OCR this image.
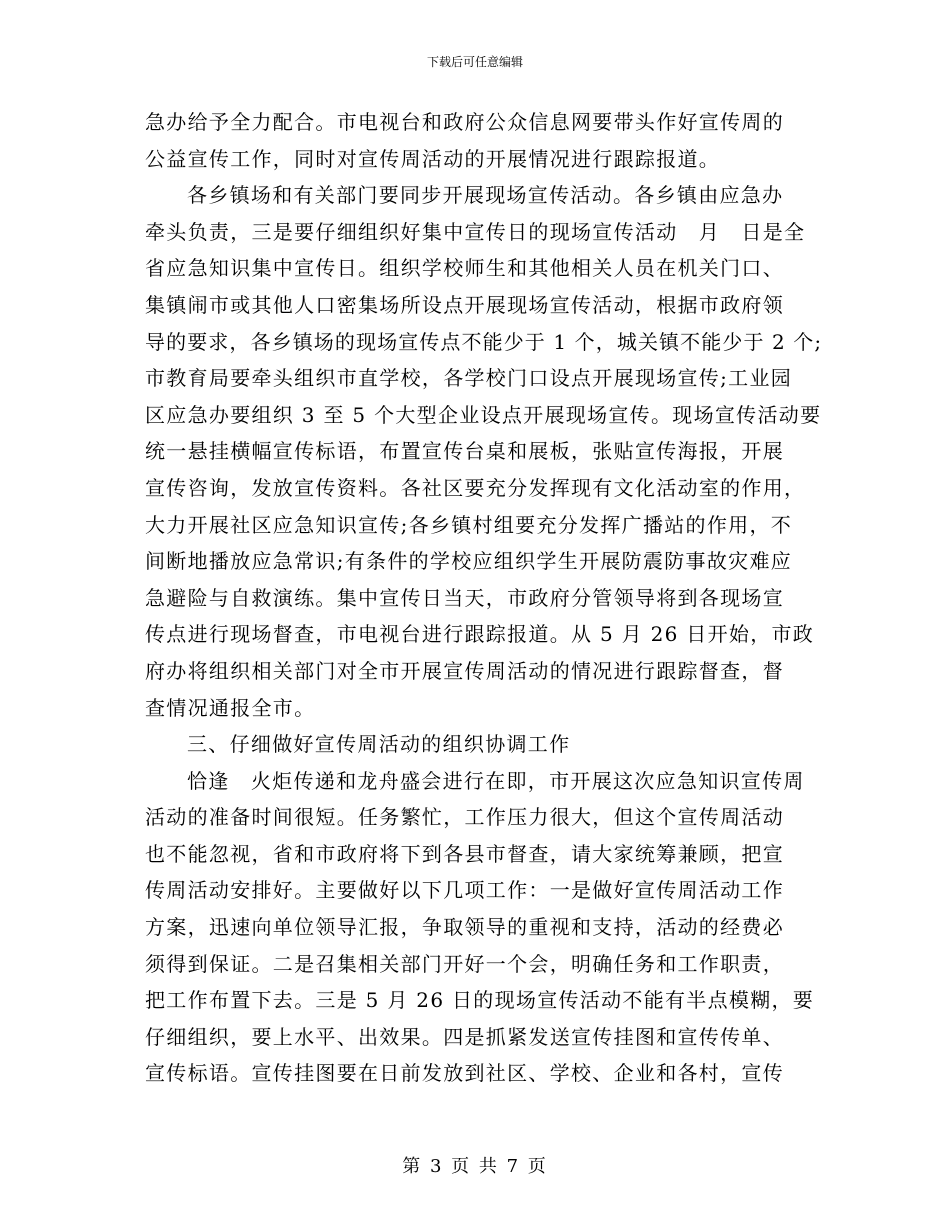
下载后可任意编辑
急办给予全力配合。市电视台和政府公众信息网要带头作好宣传周的
公益宣传工作，同时对宣传周活动的开展情况进行跟踪报道。
各乡镇场和有关部门要同步开展现场宣传活动。各乡镇由应急办
牵头负责，三是要仔细组织好集中宣传日的现场宣传活动　月　日是全
省应急知识集中宣传日。组织学校师生和其他相关人员在机关门口、
集镇闹市或其他人口密集场所设点开展现场宣传活动，根据市政府领
导的要求，各乡镇场的现场宣传点不能少于 1 个，城关镇不能少于 2 个;
市教育局要牵头组织市直学校，各学校门口设点开展现场宣传;工业园
区应急办要组织 3 至 5 个大型企业设点开展现场宣传。现场宣传活动要
统一悬挂横幅宣传标语，布置宣传台桌和展板，张贴宣传海报，开展
宣传咨询，发放宣传资料。各社区要充分发挥现有文化活动室的作用，
大力开展社区应急知识宣传;各乡镇村组要充分发挥广播站的作用，不
间断地播放应急常识;有条件的学校应组织学生开展防震防事故灾难应
急避险与自救演练。集中宣传日当天，市政府分管领导将到各现场宣
传点进行现场督查，市电视台进行跟踪报道。从 5 月 26 日开始，市政
府办将组织相关部门对全市开展宣传周活动的情况进行跟踪督查，督
查情况通报全市。
三、仔细做好宣传周活动的组织协调工作
恰逢　火炬传递和龙舟盛会进行在即，市开展这次应急知识宣传周
活动的准备时间很短。任务繁忙，工作压力很大，但这个宣传周活动
也不能忽视，省和市政府将下到各县市督查，请大家统筹兼顾，把宣
传周活动安排好。主要做好以下几项工作：一是做好宣传周活动工作
方案，迅速向单位领导汇报，争取领导的重视和支持，活动的经费必
须得到保证。二是召集相关部门开好一个会，明确任务和工作职责，
把工作布置下去。三是 5 月 26 日的现场宣传活动不能有半点模糊，要
仔细组织，要上水平、出效果。四是抓紧发送宣传挂图和宣传传单、
宣传标语。宣传挂图要在日前发放到社区、学校、企业和各村，宣传
第 3 页 共 7 页
